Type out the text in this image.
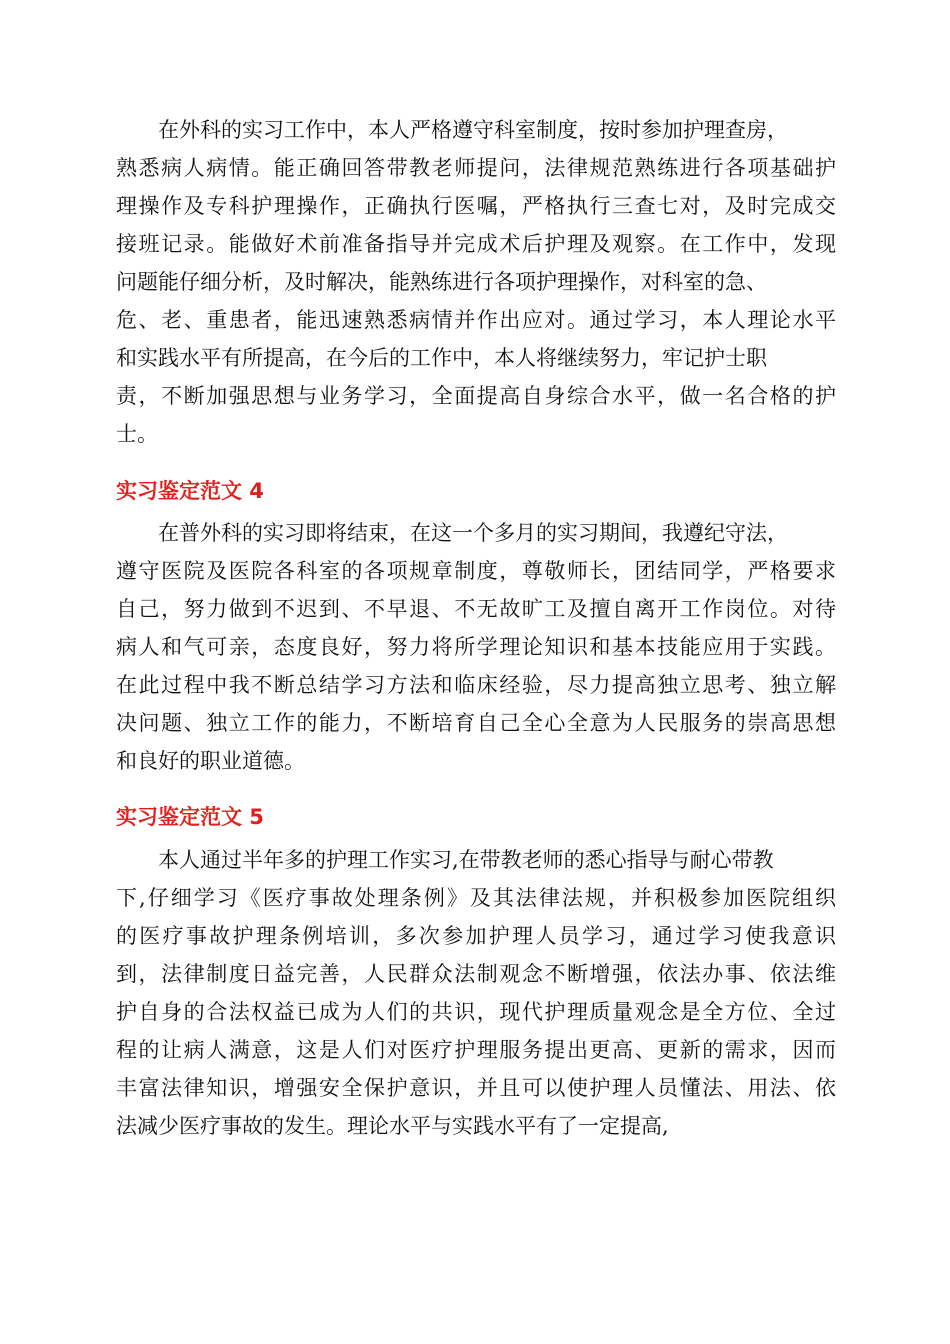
　　在外科的实习工作中，本人严格遵守科室制度，按时参加护理查房，
熟悉病人病情。能正确回答带教老师提问，法律规范熟练进行各项基础护
理操作及专科护理操作，正确执行医嘱，严格执行三查七对，及时完成交
接班记录。能做好术前准备指导并完成术后护理及观察。在工作中，发现
问题能仔细分析，及时解决，能熟练进行各项护理操作，对科室的急、
危、老、重患者，能迅速熟悉病情并作出应对。通过学习，本人理论水平
和实践水平有所提高，在今后的工作中，本人将继续努力，牢记护士职
责，不断加强思想与业务学习，全面提高自身综合水平，做一名合格的护
士。
实习鉴定范文 4
　　在普外科的实习即将结束，在这一个多月的实习期间，我遵纪守法，
遵守医院及医院各科室的各项规章制度，尊敬师长，团结同学，严格要求
自己，努力做到不迟到、不早退、不无故旷工及擅自离开工作岗位。对待
病人和气可亲，态度良好，努力将所学理论知识和基本技能应用于实践。
在此过程中我不断总结学习方法和临床经验，尽力提高独立思考、独立解
决问题、独立工作的能力，不断培育自己全心全意为人民服务的崇高思想
和良好的职业道德。
实习鉴定范文 5
　　本人通过半年多的护理工作实习,在带教老师的悉心指导与耐心带教
下,仔细学习《医疗事故处理条例》及其法律法规，并积极参加医院组织
的医疗事故护理条例培训，多次参加护理人员学习，通过学习使我意识
到，法律制度日益完善，人民群众法制观念不断增强，依法办事、依法维
护自身的合法权益已成为人们的共识，现代护理质量观念是全方位、全过
程的让病人满意，这是人们对医疗护理服务提出更高、更新的需求，因而
丰富法律知识，增强安全保护意识，并且可以使护理人员懂法、用法、依
法减少医疗事故的发生。理论水平与实践水平有了一定提高,
